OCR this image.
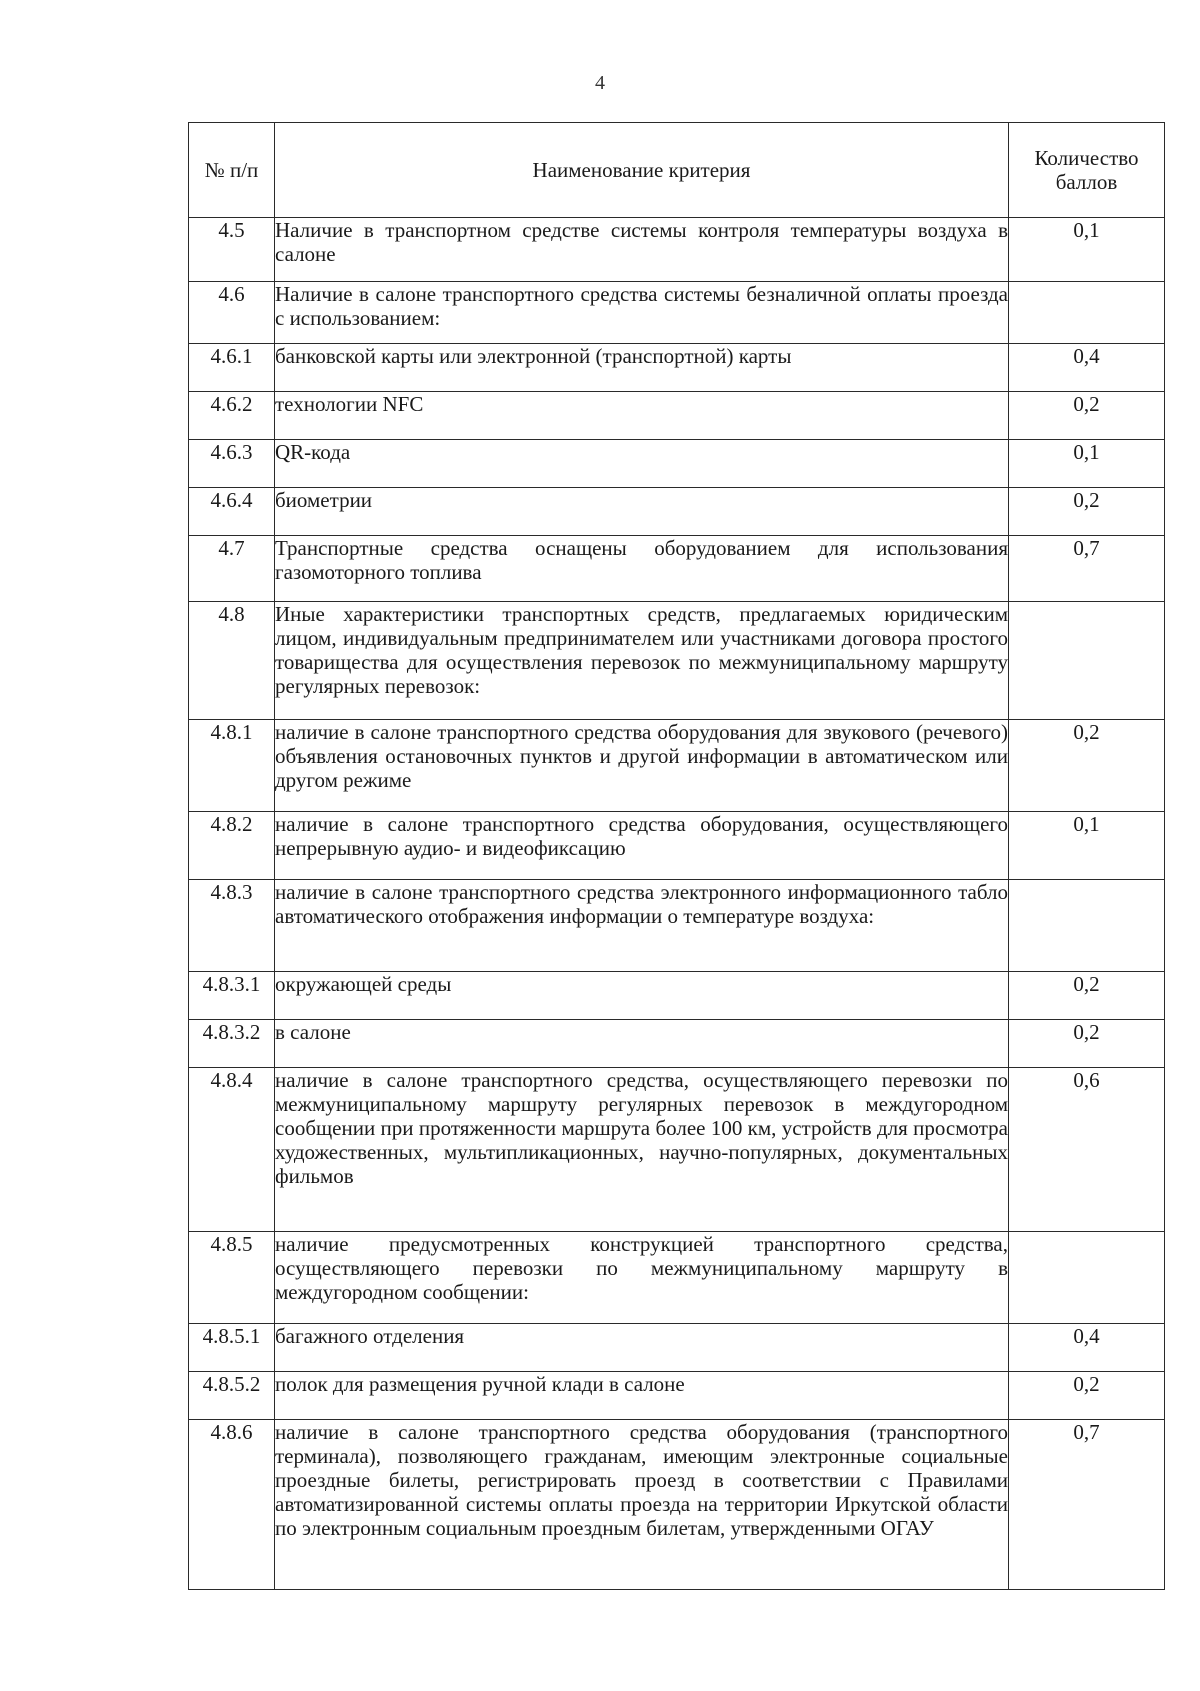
4
№ п/п	Наименование критерия	Количество баллов
4.5	Наличие в транспортном средстве системы контроля температуры воздуха в салоне	0,1
4.6	Наличие в салоне транспортного средства системы безналичной оплаты проезда с использованием:	
4.6.1	банковской карты или электронной (транспортной) карты	0,4
4.6.2	технологии NFC	0,2
4.6.3	QR-кода	0,1
4.6.4	биометрии	0,2
4.7	Транспортные средства оснащены оборудованием для использования газомоторного топлива	0,7
4.8	Иные характеристики транспортных средств, предлагаемых юридическим лицом, индивидуальным предпринимателем или участниками договора простого товарищества для осуществления перевозок по межмуниципальному маршруту регулярных перевозок:	
4.8.1	наличие в салоне транспортного средства оборудования для звукового (речевого) объявления остановочных пунктов и другой информации в автоматическом или другом режиме	0,2
4.8.2	наличие в салоне транспортного средства оборудования, осуществляющего непрерывную аудио- и видеофиксацию	0,1
4.8.3	наличие в салоне транспортного средства электронного информационного табло автоматического отображения информации о температуре воздуха:	
4.8.3.1	окружающей среды	0,2
4.8.3.2	в салоне	0,2
4.8.4	наличие в салоне транспортного средства, осуществляющего перевозки по межмуниципальному маршруту регулярных перевозок в междугородном сообщении при протяженности маршрута более 100 км, устройств для просмотра художественных, мультипликационных, научно-популярных, документальных фильмов	0,6
4.8.5	наличие предусмотренных конструкцией транспортного средства, осуществляющего перевозки по межмуниципальному маршруту в междугородном сообщении:	
4.8.5.1	багажного отделения	0,4
4.8.5.2	полок для размещения ручной клади в салоне	0,2
4.8.6	наличие в салоне транспортного средства оборудования (транспортного терминала), позволяющего гражданам, имеющим электронные социальные проездные билеты, регистрировать проезд в соответствии с Правилами автоматизированной системы оплаты проезда на территории Иркутской области по электронным социальным проездным билетам, утвержденными ОГАУ	0,7
